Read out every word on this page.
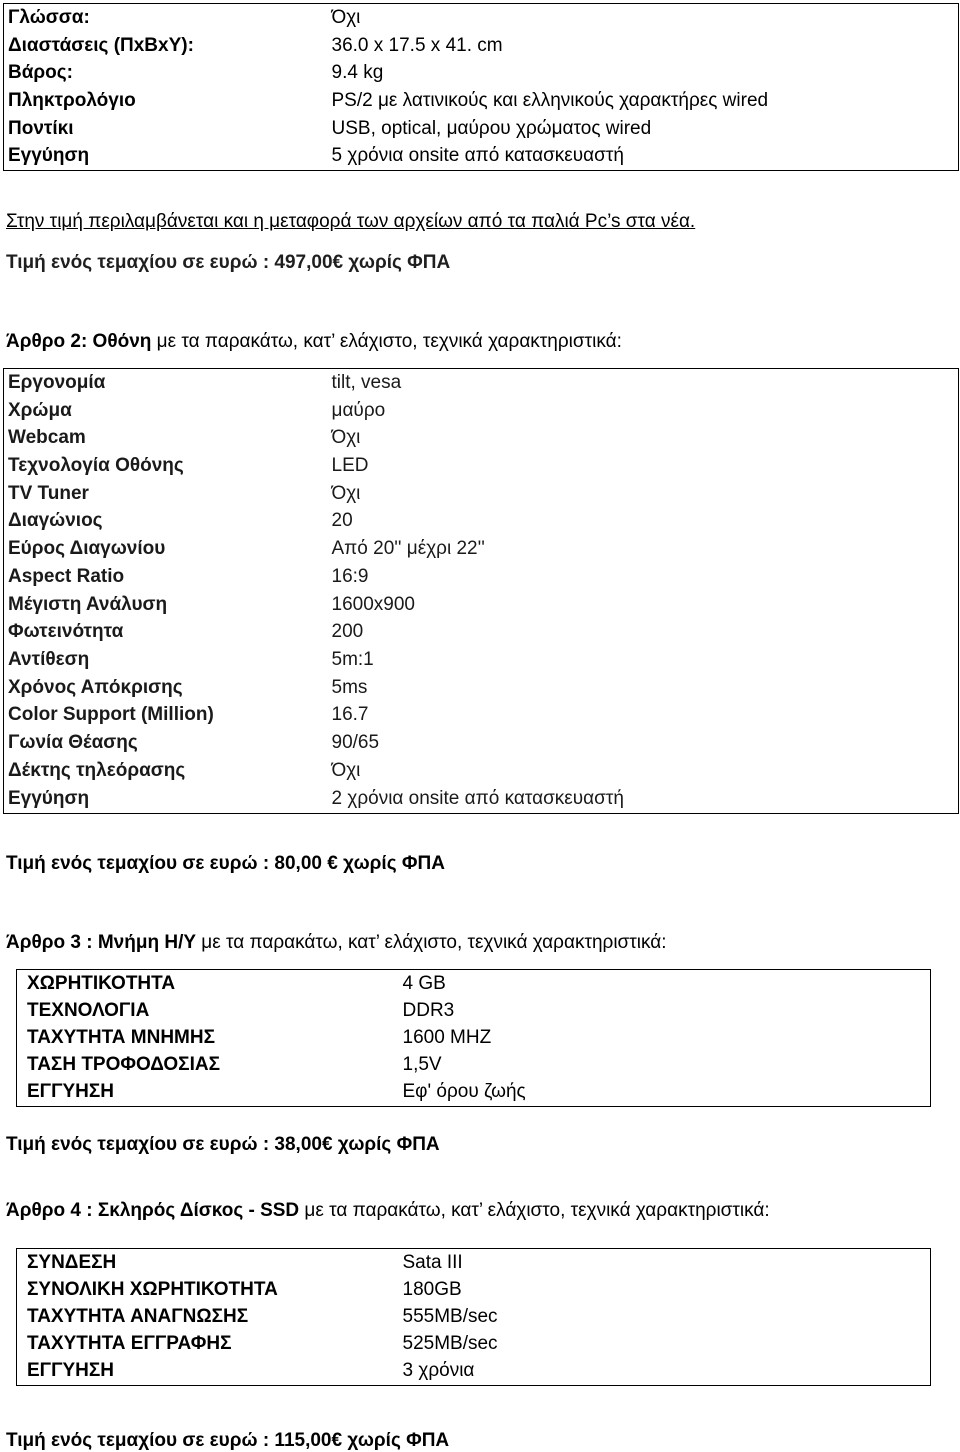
Γλώσσα:	Όχι
Διαστάσεις (ΠxΒxΥ):	36.0 x 17.5 x 41. cm
Βάρος:	9.4 kg
Πληκτρολόγιο	PS/2 με λατινικούς και ελληνικούς χαρακτήρες wired
Ποντίκι	USB, optical, μαύρου χρώματος wired
Εγγύηση	5 χρόνια onsite από κατασκευαστή
Στην τιμή περιλαμβάνεται και η μεταφορά των αρχείων από τα παλιά Pc’s στα νέα.
Τιμή ενός τεμαχίου σε ευρώ : 497,00€ χωρίς ΦΠΑ
Άρθρο 2: Οθόνη με τα παρακάτω, κατ’ ελάχιστο, τεχνικά χαρακτηριστικά:
Εργονομία	tilt, vesa
Χρώμα	μαύρο
Webcam	Όχι
Τεχνολογία Οθόνης	LED
TV Tuner	Όχι
Διαγώνιος	20
Εύρος Διαγωνίου	Από 20'' μέχρι 22''
Aspect Ratio	16:9
Μέγιστη Ανάλυση	1600x900
Φωτεινότητα	200
Αντίθεση	5m:1
Χρόνος Απόκρισης	5ms
Color Support (Million)	16.7
Γωνία Θέασης	90/65
Δέκτης τηλεόρασης	Όχι
Εγγύηση	2 χρόνια onsite από κατασκευαστή
Τιμή ενός τεμαχίου σε ευρώ : 80,00 € χωρίς ΦΠΑ
Άρθρο 3 : Μνήμη Η/Υ με τα παρακάτω, κατ’ ελάχιστο, τεχνικά χαρακτηριστικά:
ΧΩΡΗΤΙΚΟΤΗΤΑ	4 GB
ΤΕΧΝΟΛΟΓΙΑ	DDR3
ΤΑΧΥΤΗΤΑ ΜΝΗΜΗΣ	1600 MHZ
ΤΑΣΗ ΤΡΟΦΟΔΟΣΙΑΣ	1,5V
ΕΓΓΥΗΣΗ	Εφ' όρου ζωής
Τιμή ενός τεμαχίου σε ευρώ : 38,00€ χωρίς ΦΠΑ
Άρθρο 4 : Σκληρός Δίσκος - SSD με τα παρακάτω, κατ’ ελάχιστο, τεχνικά χαρακτηριστικά:
ΣΥΝΔΕΣΗ	Sata III
ΣΥΝΟΛΙΚΗ ΧΩΡΗΤΙΚΟΤΗΤΑ	180GB
ΤΑΧΥΤΗΤΑ ΑΝΑΓΝΩΣΗΣ	555MB/sec
ΤΑΧΥΤΗΤΑ ΕΓΓΡΑΦΗΣ	525MB/sec
ΕΓΓΥΗΣΗ	3 χρόνια
Τιμή ενός τεμαχίου σε ευρώ : 115,00€ χωρίς ΦΠΑ
